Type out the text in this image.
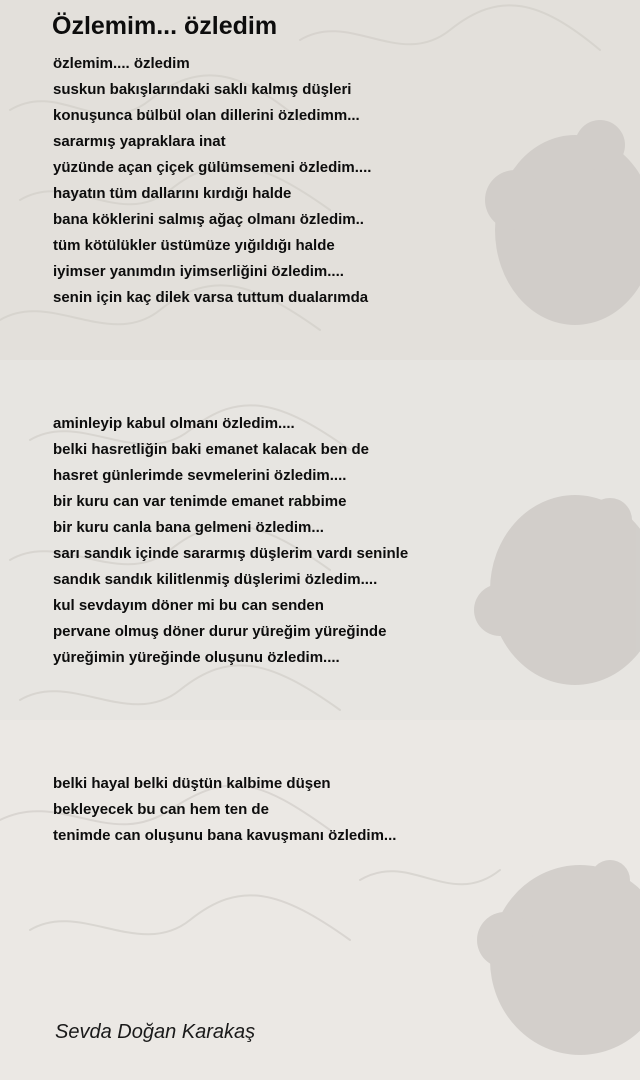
Özlemim... özledim
özlemim.... özledim
suskun bakışlarındaki saklı kalmış düşleri
konuşunca bülbül olan dillerini özledimm...
sararmış yapraklara inat
yüzünde açan çiçek gülümsemeni özledim....
hayatın tüm dallarını kırdığı halde
bana köklerini salmış ağaç olmanı özledim..
tüm kötülükler üstümüze yığıldığı halde
iyimser yanımdın iyimserliğini özledim....
senin için kaç dilek varsa tuttum dualarımda
aminleyip kabul olmanı özledim....
belki hasretliğin baki emanet kalacak ben de
hasret günlerimde sevmelerini özledim....
bir kuru can var tenimde emanet rabbime
bir kuru canla bana gelmeni özledim...
sarı sandık içinde sararmış düşlerim vardı seninle
sandık sandık kilitlenmiş düşlerimi özledim....
kul sevdayım döner mi bu can senden
pervane olmuş döner durur yüreğim yüreğinde
yüreğimin yüreğinde oluşunu özledim....
belki hayal belki düştün kalbime düşen
bekleyecek bu can hem ten de
tenimde can oluşunu bana kavuşmanı özledim...
Sevda Doğan Karakaş
